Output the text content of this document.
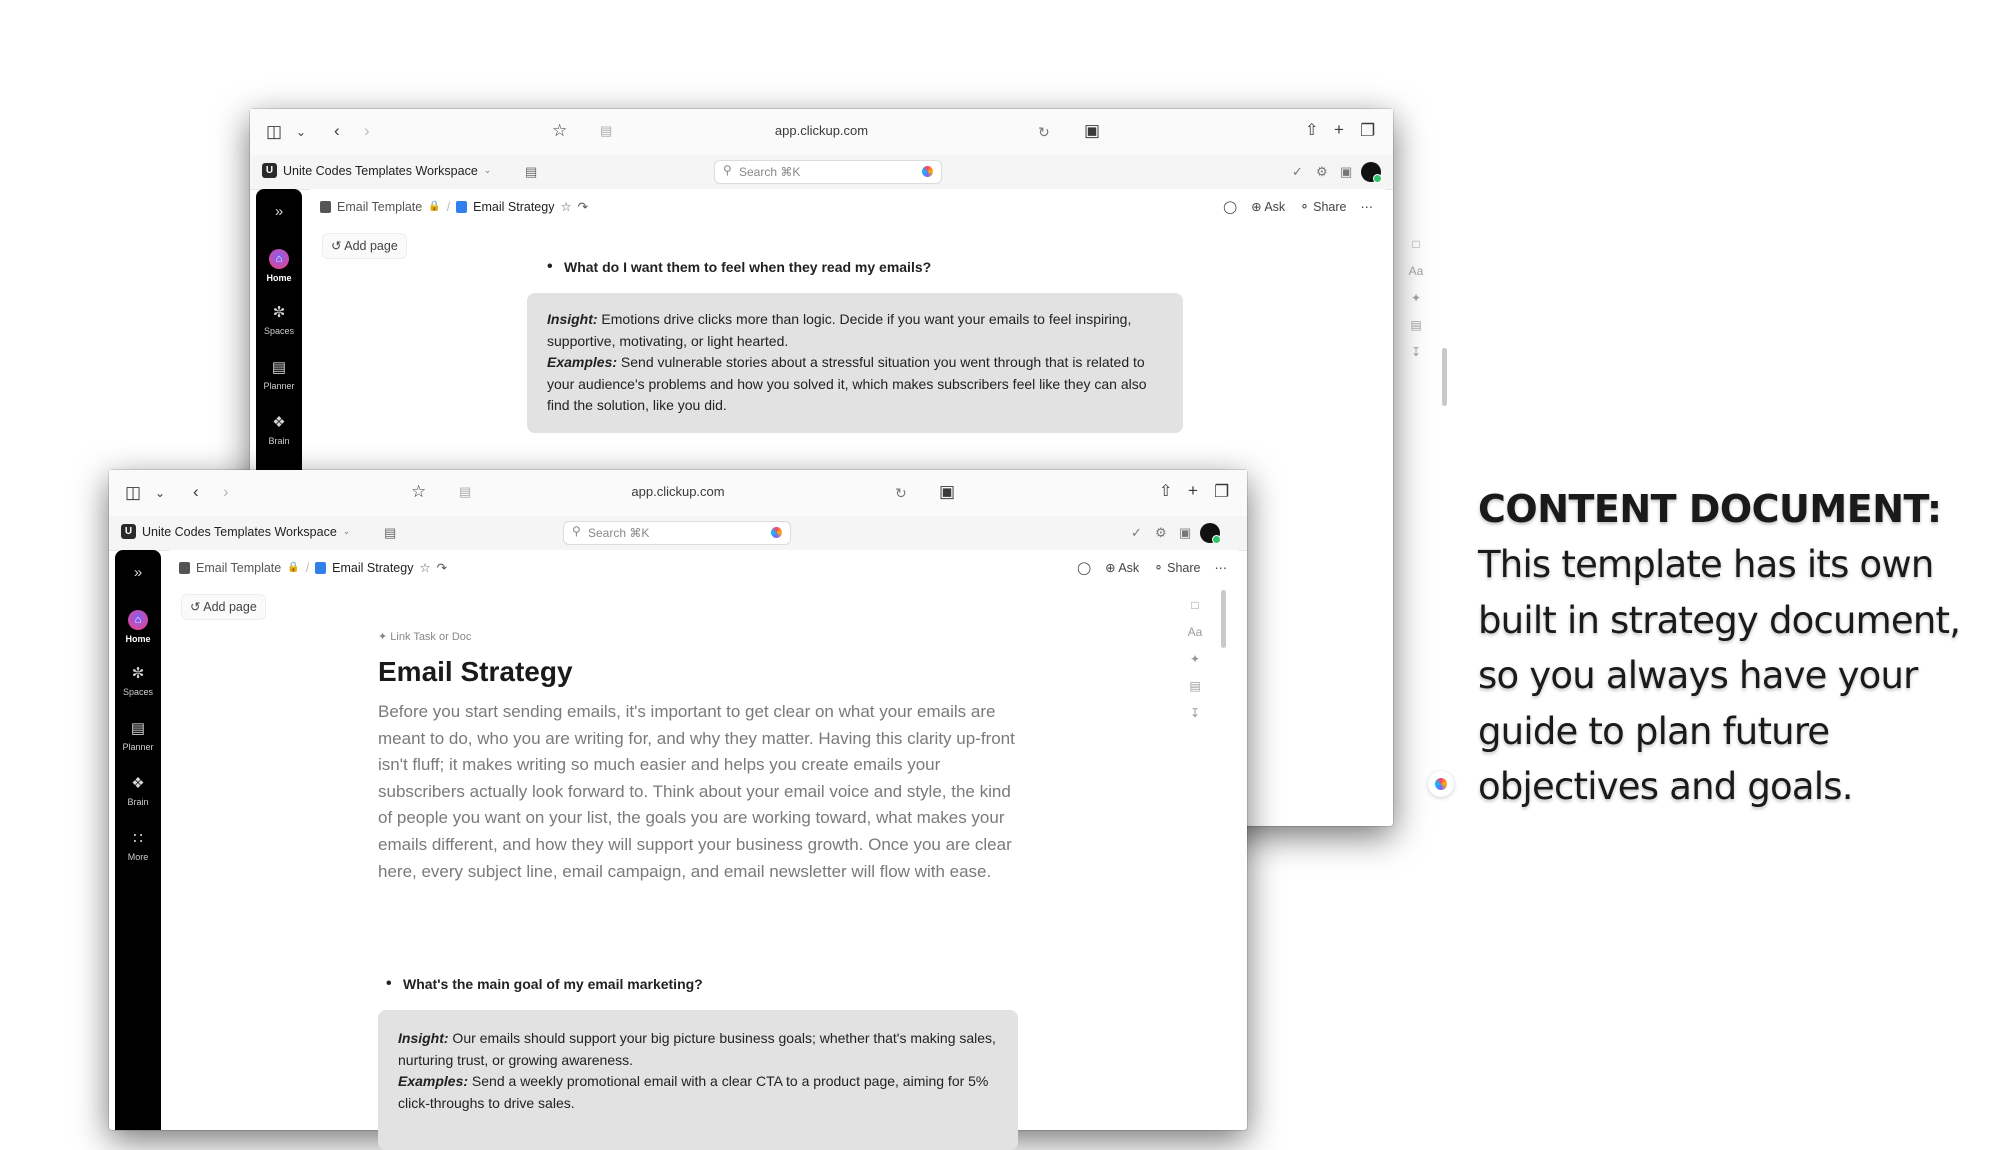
◫ ⌄ ‹ ›	☆	▤	app.clickup.com	↻ ▣	⇧ + ❐
U Unite Codes Templates Workspace ⌄	▤	⚲ Search ⌘K	✓ ⚙ ▣
»
⌂
Home
✼
Spaces
▤
Planner
❖
Brain
Email Template 🔒 / Email Strategy ☆ ↷	◯ ⊕ Ask ⚬ Share ⋯
↺ Add page
• What do I want them to feel when they read my emails?
Insight: Emotions drive clicks more than logic. Decide if you want your emails to feel inspiring, supportive, motivating, or light hearted.
Examples: Send vulnerable stories about a stressful situation you went through that is related to your audience's problems and how you solved it, which makes subscribers feel like they can also find the solution, like you did.
□
Aa
✦
▤
↧
◫ ⌄ ‹ ›	☆	▤	app.clickup.com	↻ ▣	⇧ + ❐
U Unite Codes Templates Workspace ⌄	▤	⚲ Search ⌘K	✓ ⚙ ▣
»
⌂
Home
✼
Spaces
▤
Planner
❖
Brain
∷
More
Email Template 🔒 / Email Strategy ☆ ↷	◯ ⊕ Ask ⚬ Share ⋯
↺ Add page
✦ Link Task or Doc
Email Strategy
Before you start sending emails, it's important to get clear on what your emails are meant to do, who you are writing for, and why they matter. Having this clarity up-front isn't fluff; it makes writing so much easier and helps you create emails your subscribers actually look forward to. Think about your email voice and style, the kind of people you want on your list, the goals you are working toward, what makes your emails different, and how they will support your business growth. Once you are clear here, every subject line, email campaign, and email newsletter will flow with ease.
• What's the main goal of my email marketing?
Insight: Our emails should support your big picture business goals; whether that's making sales, nurturing trust, or growing awareness.
Examples: Send a weekly promotional email with a clear CTA to a product page, aiming for 5% click-throughs to drive sales.
□
Aa
✦
▤
↧
CONTENT DOCUMENT:
This template has its own built in strategy document, so you always have your guide to plan future objectives and goals.
